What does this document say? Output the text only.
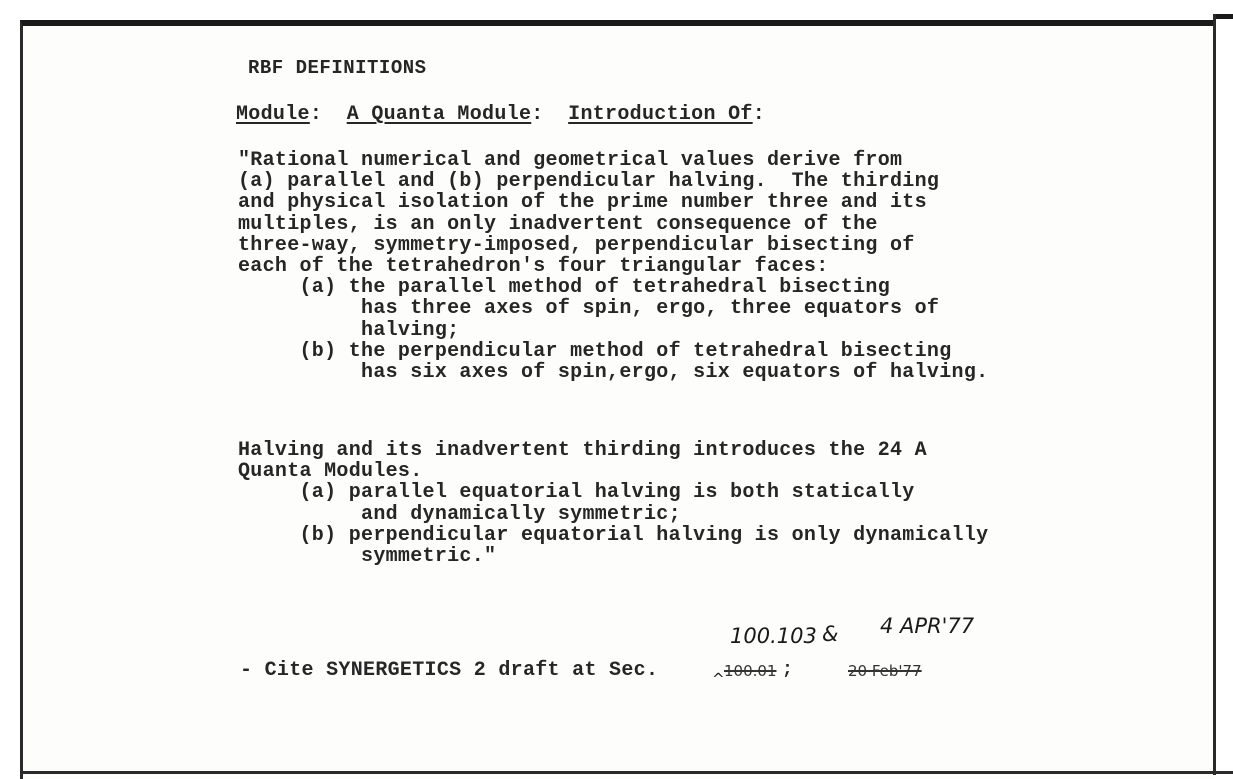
RBF DEFINITIONS
Module:  A Quanta Module:  Introduction Of:
"Rational numerical and geometrical values derive from
(a) parallel and (b) perpendicular halving.  The thirding
and physical isolation of the prime number three and its
multiples, is an only inadvertent consequence of the
three-way, symmetry-imposed, perpendicular bisecting of
each of the tetrahedron's four triangular faces:
(a) the parallel method of tetrahedral bisecting
has three axes of spin, ergo, three equators of
halving;
(b) the perpendicular method of tetrahedral bisecting
has six axes of spin,ergo, six equators of halving.
Halving and its inadvertent thirding introduces the 24 A
Quanta Modules.
(a) parallel equatorial halving is both statically
and dynamically symmetric;
(b) perpendicular equatorial halving is only dynamically
symmetric."
- Cite SYNERGETICS 2 draft at Sec.	^ 100.01 ;	20 Feb'77
100.103 & 4 APR'77
